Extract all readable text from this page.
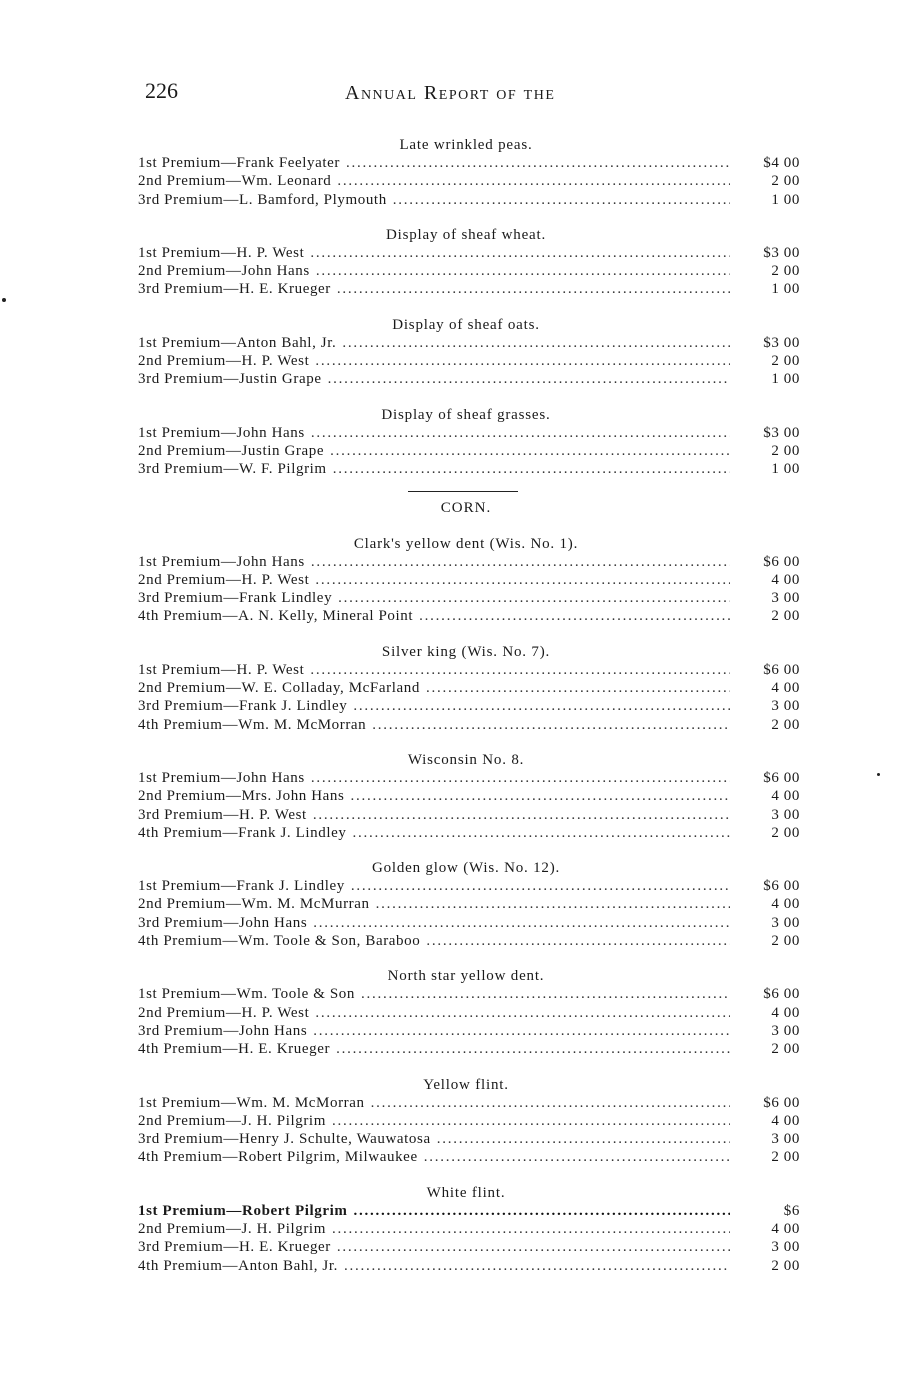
226	Annual Report of the
Late wrinkled peas.
1st Premium—Frank Feelyater . . .	$4 00
2nd Premium—Wm. Leonard . . .	2 00
3rd Premium—L. Bamford, Plymouth . . .	1 00
Display of sheaf wheat.
1st Premium—H. P. West . . .	$3 00
2nd Premium—John Hans . . .	2 00
3rd Premium—H. E. Krueger . . .	1 00
Display of sheaf oats.
1st Premium—Anton Bahl, Jr. . . .	$3 00
2nd Premium—H. P. West . . .	2 00
3rd Premium—Justin Grape . . .	1 00
Display of sheaf grasses.
1st Premium—John Hans . . .	$3 00
2nd Premium—Justin Grape . . .	2 00
3rd Premium—W. F. Pilgrim . . .	1 00
CORN.
Clark's yellow dent (Wis. No. 1).
1st Premium—John Hans . . .	$6 00
2nd Premium—H. P. West . . .	4 00
3rd Premium—Frank Lindley . . .	3 00
4th Premium—A. N. Kelly, Mineral Point . . .	2 00
Silver king (Wis. No. 7).
1st Premium—H. P. West . . .	$6 00
2nd Premium—W. E. Colladay, McFarland . . .	4 00
3rd Premium—Frank J. Lindley . . .	3 00
4th Premium—Wm. M. McMorran . . .	2 00
Wisconsin No. 8.
1st Premium—John Hans . . .	$6 00
2nd Premium—Mrs. John Hans . . .	4 00
3rd Premium—H. P. West . . .	3 00
4th Premium—Frank J. Lindley . . .	2 00
Golden glow (Wis. No. 12).
1st Premium—Frank J. Lindley . . .	$6 00
2nd Premium—Wm. M. McMurran . . .	4 00
3rd Premium—John Hans . . .	3 00
4th Premium—Wm. Toole & Son, Baraboo . . .	2 00
North star yellow dent.
1st Premium—Wm. Toole & Son . . .	$6 00
2nd Premium—H. P. West . . .	4 00
3rd Premium—John Hans . . .	3 00
4th Premium—H. E. Krueger . . .	2 00
Yellow flint.
1st Premium—Wm. M. McMorran . . .	$6 00
2nd Premium—J. H. Pilgrim . . .	4 00
3rd Premium—Henry J. Schulte, Wauwatosa . . .	3 00
4th Premium—Robert Pilgrim, Milwaukee . . .	2 00
White flint.
1st Premium—Robert Pilgrim . . .	$6
2nd Premium—J. H. Pilgrim . . .	4 00
3rd Premium—H. E. Krueger . . .	3 00
4th Premium—Anton Bahl, Jr. . . .	2 00
